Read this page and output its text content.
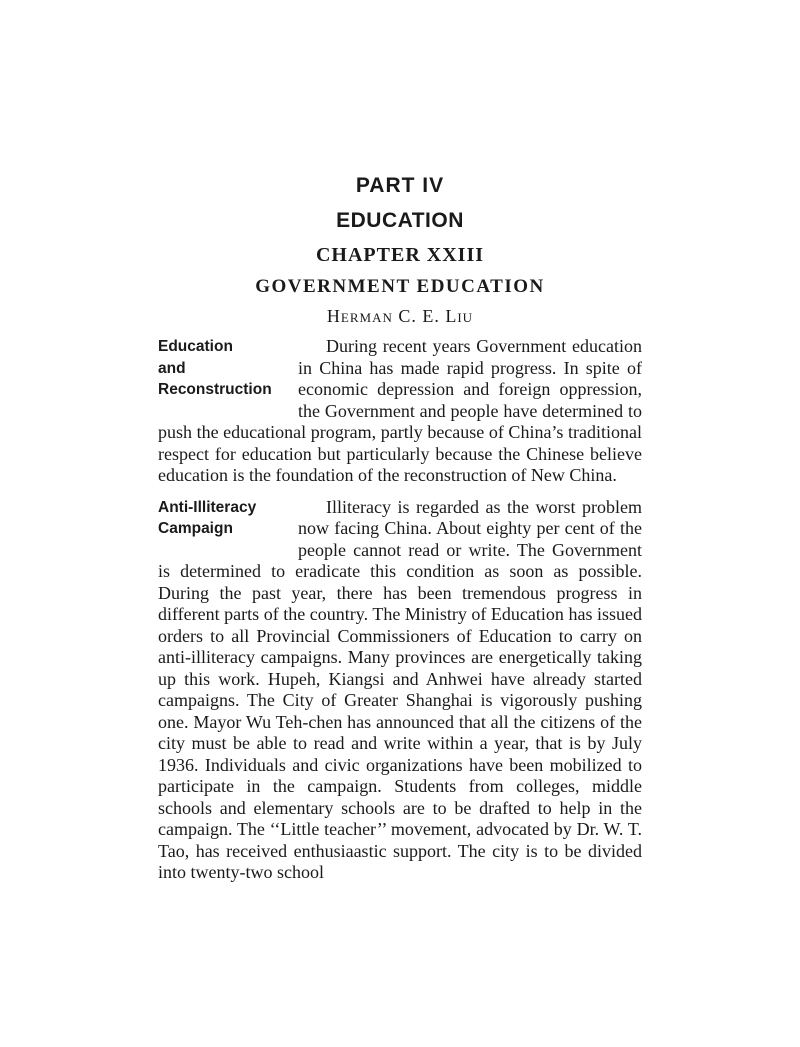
PART IV
EDUCATION
CHAPTER XXIII
GOVERNMENT EDUCATION
Herman C. E. Liu

Education
and
Reconstruction
During recent years Government education in China has made rapid progress. In spite of economic depression and foreign oppression, the Government and people have determined to push the educational program, partly because of China’s traditional respect for education but particularly because the Chinese believe education is the foundation of the reconstruction of New China.

Anti-Illiteracy
Campaign
Illiteracy is regarded as the worst problem now facing China. About eighty per cent of the people cannot read or write. The Government is determined to eradicate this condition as soon as possible. During the past year, there has been tremendous progress in different parts of the country. The Ministry of Education has issued orders to all Provincial Commissioners of Education to carry on anti-illiteracy campaigns. Many provinces are energetically taking up this work. Hupeh, Kiangsi and Anhwei have already started campaigns. The City of Greater Shanghai is vigorously pushing one. Mayor Wu Teh-chen has announced that all the citizens of the city must be able to read and write within a year, that is by July 1936. Individuals and civic organizations have been mobilized to participate in the campaign. Students from colleges, middle schools and elementary schools are to be drafted to help in the campaign. The ‘‘Little teacher’’ movement, advocated by Dr. W. T. Tao, has received enthusiaastic support. The city is to be divided into twenty-two school
